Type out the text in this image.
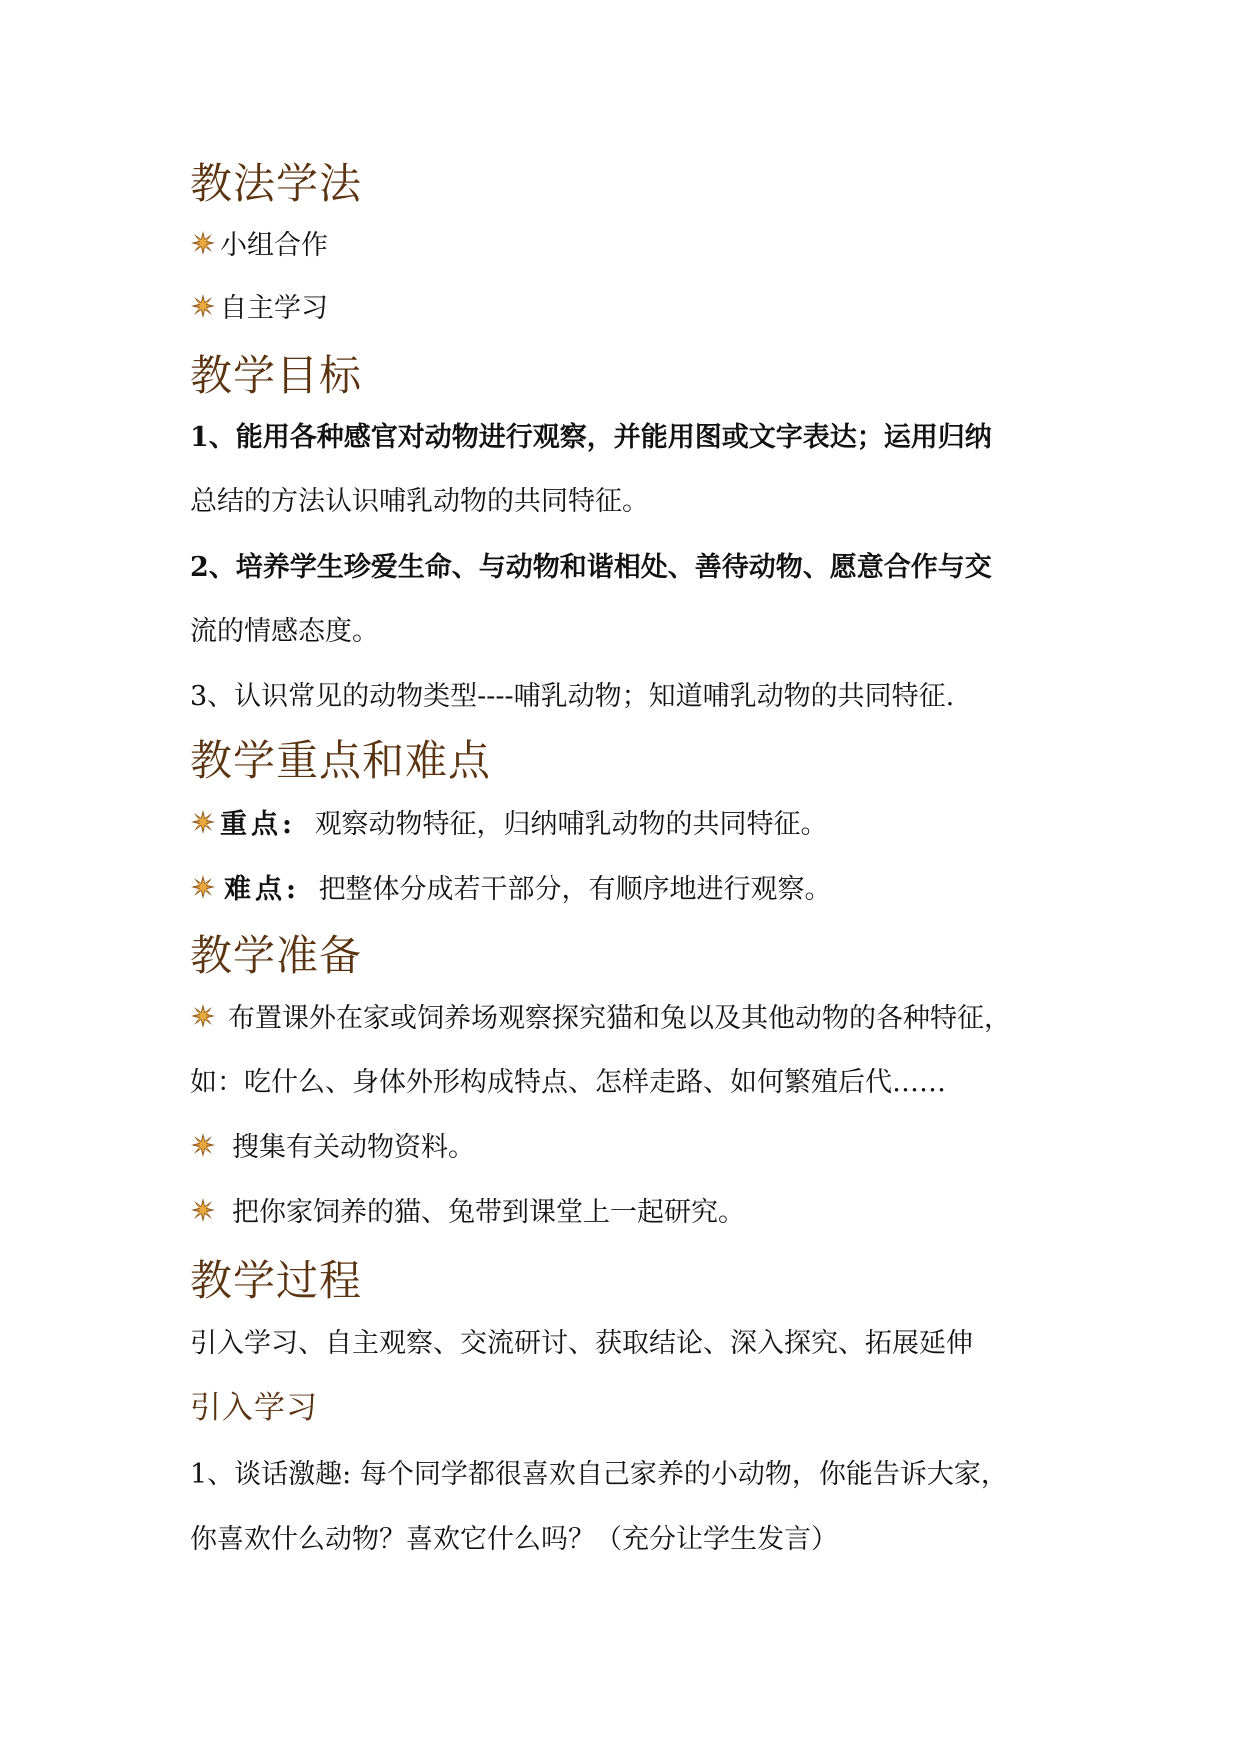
教法学法
小组合作
自主学习
教学目标
1、能用各种感官对动物进行观察，并能用图或文字表达；运用归纳
总结的方法认识哺乳动物的共同特征。
2、培养学生珍爱生命、与动物和谐相处、善待动物、愿意合作与交
流的情感态度。
3、认识常见的动物类型----哺乳动物；知道哺乳动物的共同特征.
教学重点和难点
重点: 观察动物特征，归纳哺乳动物的共同特征。
难点: 把整体分成若干部分，有顺序地进行观察。
教学准备
布置课外在家或饲养场观察探究猫和兔以及其他动物的各种特征，
如：吃什么、身体外形构成特点、怎样走路、如何繁殖后代……
搜集有关动物资料。
把你家饲养的猫、兔带到课堂上一起研究。
教学过程
引入学习、自主观察、交流研讨、获取结论、深入探究、拓展延伸
引入学习
1、谈话激趣: 每个同学都很喜欢自己家养的小动物，你能告诉大家，
你喜欢什么动物？喜欢它什么吗？（充分让学生发言）
